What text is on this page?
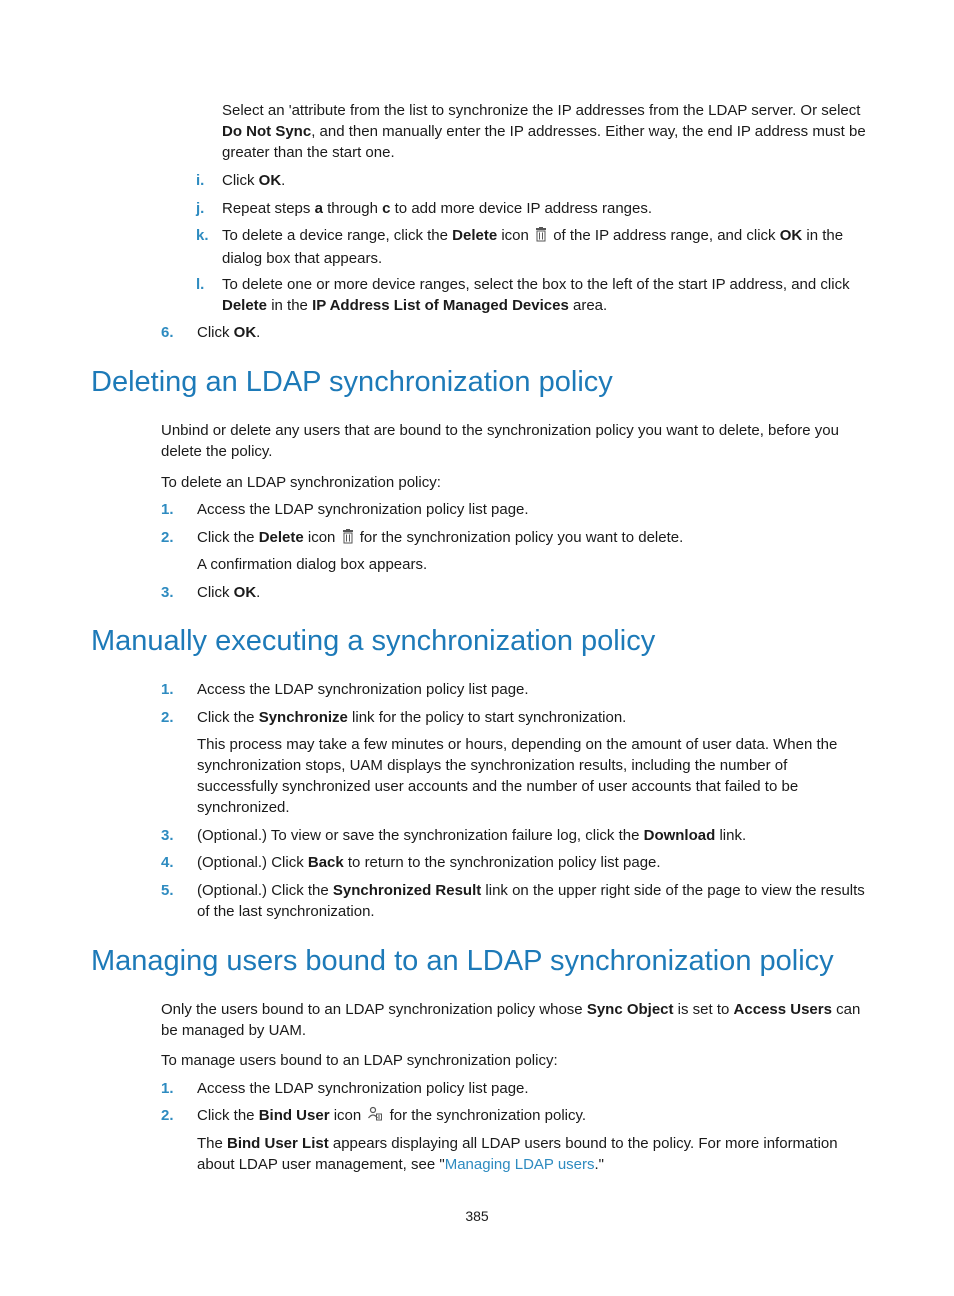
Select an 'attribute from the list to synchronize the IP addresses from the LDAP server. Or select Do Not Sync, and then manually enter the IP addresses. Either way, the end IP address must be greater than the start one.

i. Click OK.

j. Repeat steps a through c to add more device IP address ranges.

k. To delete a device range, click the Delete icon  of the IP address range, and click OK in the dialog box that appears.

l. To delete one or more device ranges, select the box to the left of the start IP address, and click Delete in the IP Address List of Managed Devices area.

6. Click OK.

Deleting an LDAP synchronization policy

Unbind or delete any users that are bound to the synchronization policy you want to delete, before you delete the policy.

To delete an LDAP synchronization policy:

1. Access the LDAP synchronization policy list page.

2. Click the Delete icon  for the synchronization policy you want to delete.

A confirmation dialog box appears.

3. Click OK.

Manually executing a synchronization policy
1. Access the LDAP synchronization policy list page.

2. Click the Synchronize link for the policy to start synchronization.

This process may take a few minutes or hours, depending on the amount of user data. When the synchronization stops, UAM displays the synchronization results, including the number of successfully synchronized user accounts and the number of user accounts that failed to be synchronized.

3. (Optional.) To view or save the synchronization failure log, click the Download link.

4. (Optional.) Click Back to return to the synchronization policy list page.

5. (Optional.) Click the Synchronized Result link on the upper right side of the page to view the results of the last synchronization.

Managing users bound to an LDAP synchronization policy

Only the users bound to an LDAP synchronization policy whose Sync Object is set to Access Users can be managed by UAM.

To manage users bound to an LDAP synchronization policy:

1. Access the LDAP synchronization policy list page.

2. Click the Bind User icon  for the synchronization policy.

The Bind User List appears displaying all LDAP users bound to the policy. For more information about LDAP user management, see "Managing LDAP users."

385
